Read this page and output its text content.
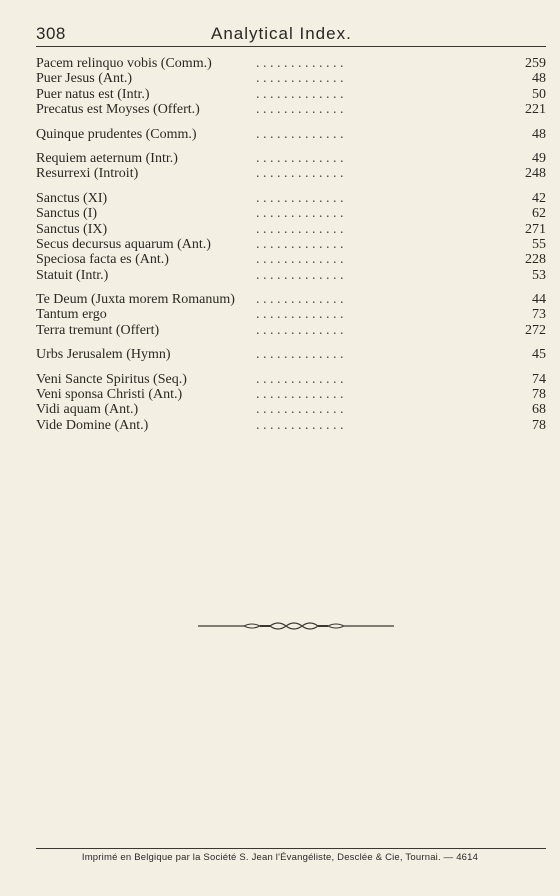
308	Analytical Index.
Pacem relinquo vobis (Comm.)	. . . . . . . . . . . . .	259
Puer Jesus (Ant.)	. . . . . . . . . . . . .	48
Puer natus est (Intr.)	. . . . . . . . . . . . .	50
Precatus est Moyses (Offert.)	. . . . . . . . . . . . .	221
Quinque prudentes (Comm.)	. . . . . . . . . . . . .	48
Requiem aeternum (Intr.)	. . . . . . . . . . . . .	49
Resurrexi (Introit)	. . . . . . . . . . . . .	248
Sanctus (XI)	. . . . . . . . . . . . .	42
Sanctus (I)	. . . . . . . . . . . . .	62
Sanctus (IX)	. . . . . . . . . . . . .	271
Secus decursus aquarum (Ant.)	. . . . . . . . . . . . .	55
Speciosa facta es (Ant.)	. . . . . . . . . . . . .	228
Statuit (Intr.)	. . . . . . . . . . . . .	53
Te Deum (Juxta morem Romanum) . . . . . . . . . . . . .	44
Tantum ergo	. . . . . . . . . . . . .	73
Terra tremunt (Offert)	. . . . . . . . . . . . .	272
Urbs Jerusalem (Hymn)	. . . . . . . . . . . . .	45
Veni Sancte Spiritus (Seq.)	. . . . . . . . . . . . .	74
Veni sponsa Christi (Ant.)	. . . . . . . . . . . . .	78
Vidi aquam (Ant.)	. . . . . . . . . . . . .	68
Vide Domine (Ant.)	. . . . . . . . . . . . .	78
Imprimé en Belgique par la Société S. Jean l'Évangéliste, Desclée & Cie, Tournai. — 4614
